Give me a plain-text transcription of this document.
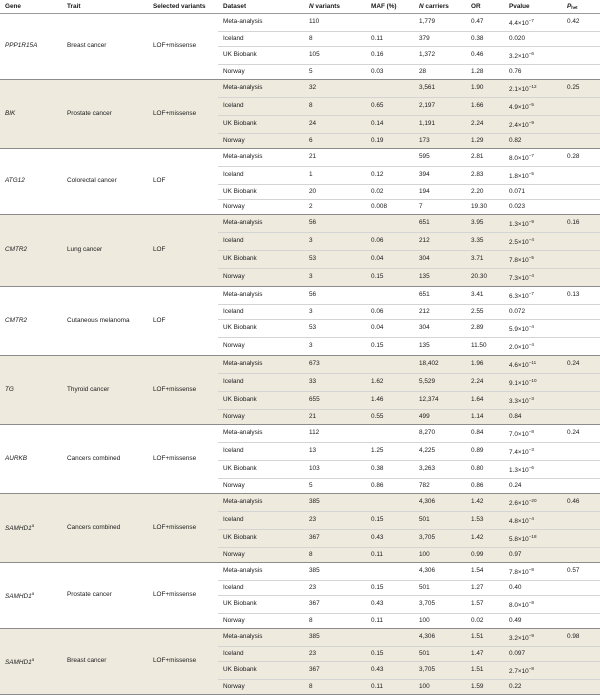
Gene	Trait	Selected variants	Dataset	N variants	MAF (%)	N carriers	OR	Pvalue	$P_{het}$
PPP1R15A	Breast cancer	LOF+missense	Meta-analysis	110		1,779	0.47	$4.4\times 10^{-7}$	0.42
			Iceland	8	0.11	379	0.38	0.020	
			UK Biobank	105	0.16	1,372	0.46	$3.2\times 10^{-6}$	
			Norway	5	0.03	28	1.28	0.76	
BIK	Prostate cancer	LOF+missense	Meta-analysis	32		3,561	1.90	$2.1\times 10^{-12}$	0.25
			Iceland	8	0.65	2,197	1.66	$4.9\times 10^{-5}$	
			UK Biobank	24	0.14	1,191	2.24	$2.4\times 10^{-9}$	
			Norway	6	0.19	173	1.29	0.82	
ATG12	Colorectal cancer	LOF	Meta-analysis	21		595	2.81	$8.0\times 10^{-7}$	0.28
			Iceland	1	0.12	394	2.83	$1.8\times 10^{-5}$	
			UK Biobank	20	0.02	194	2.20	0.071	
			Norway	2	0.008	7	19.30	0.023	
CMTR2	Lung cancer	LOF	Meta-analysis	56		651	3.95	$1.3\times 10^{-9}$	0.16
			Iceland	3	0.06	212	3.35	$2.5\times 10^{-4}$	
			UK Biobank	53	0.04	304	3.71	$7.8\times 10^{-5}$	
			Norway	3	0.15	135	20.30	$7.3\times 10^{-4}$	
CMTR2	Cutaneous melanoma	LOF	Meta-analysis	56		651	3.41	$6.3\times 10^{-7}$	0.13
			Iceland	3	0.06	212	2.55	0.072	
			UK Biobank	53	0.04	304	2.89	$5.9\times 10^{-4}$	
			Norway	3	0.15	135	11.50	$2.0\times 10^{-4}$	
TG	Thyroid cancer	LOF+missense	Meta-analysis	673		18,402	1.96	$4.6\times 10^{-11}$	0.24
			Iceland	33	1.62	5,529	2.24	$9.1\times 10^{-10}$	
			UK Biobank	655	1.46	12,374	1.64	$3.3\times 10^{-3}$	
			Norway	21	0.55	499	1.14	0.84	
AURKB	Cancers combined	LOF+missense	Meta-analysis	112		8,270	0.84	$7.0\times 10^{-8}$	0.24
			Iceland	13	1.25	4,225	0.89	$7.4\times 10^{-3}$	
			UK Biobank	103	0.38	3,263	0.80	$1.3\times 10^{-6}$	
			Norway	5	0.86	782	0.86	0.24	
SAMHD1$^a$	Cancers combined	LOF+missense	Meta-analysis	385		4,306	1.42	$2.6\times 10^{-20}$	0.46
			Iceland	23	0.15	501	1.53	$4.8\times 10^{-4}$	
			UK Biobank	367	0.43	3,705	1.42	$5.8\times 10^{-18}$	
			Norway	8	0.11	100	0.99	0.97	
SAMHD1$^a$	Prostate cancer	LOF+missense	Meta-analysis	385		4,306	1.54	$7.8\times 10^{-8}$	0.57
			Iceland	23	0.15	501	1.27	0.40	
			UK Biobank	367	0.43	3,705	1.57	$8.0\times 10^{-8}$	
			Norway	8	0.11	100	0.02	0.49	
SAMHD1$^a$	Breast cancer	LOF+missense	Meta-analysis	385		4,306	1.51	$3.2\times 10^{-9}$	0.98
			Iceland	23	0.15	501	1.47	0.097	
			UK Biobank	367	0.43	3,705	1.51	$2.7\times 10^{-8}$	
			Norway	8	0.11	100	1.59	0.22	
